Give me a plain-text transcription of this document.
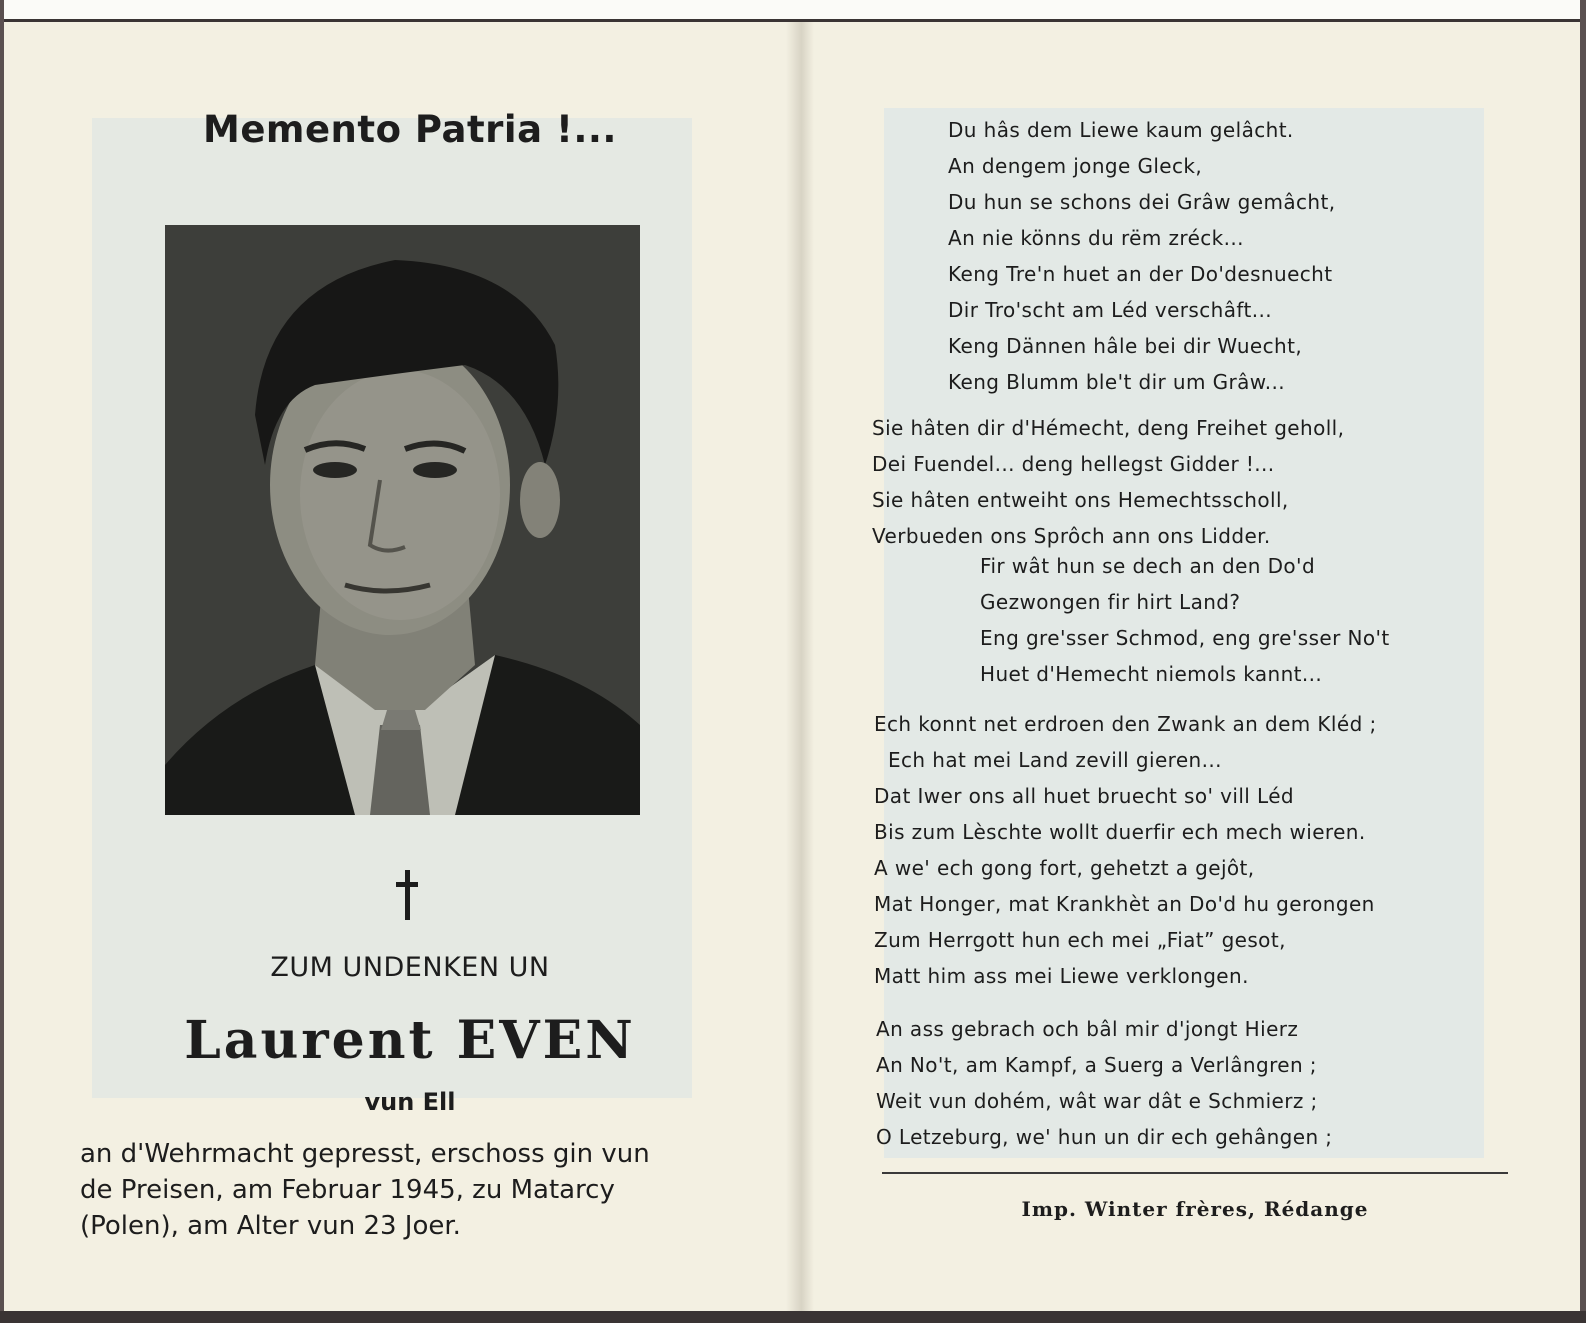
Memento Patria !...
ZUM UNDENKEN UN
Laurent EVEN
vun Ell
an d'Wehrmacht gepresst, erschoss gin vun
de Preisen, am Februar 1945, zu Matarcy
(Polen), am Alter vun 23 Joer.
Du hâs dem Liewe kaum gelâcht.
An dengem jonge Gleck,
Du hun se schons dei Grâw gemâcht,
An nie könns du rëm zréck...
Keng Tre'n huet an der Do'desnuecht
Dir Tro'scht am Léd verschâft...
Keng Dännen hâle bei dir Wuecht,
Keng Blumm ble't dir um Grâw...
Sie hâten dir d'Hémecht, deng Freihet geholl,
Dei Fuendel... deng hellegst Gidder !...
Sie hâten entweiht ons Hemechtsscholl,
Verbueden ons Sprôch ann ons Lidder.
Fir wât hun se dech an den Do'd
Gezwongen fir hirt Land?
Eng gre'sser Schmod, eng gre'sser No't
Huet d'Hemecht niemols kannt...
Ech konnt net erdroen den Zwank an dem Kléd ;
Ech hat mei Land zevill gieren...
Dat Iwer ons all huet bruecht so' vill Léd
Bis zum Lèschte wollt duerfir ech mech wieren.
A we' ech gong fort, gehetzt a gejôt,
Mat Honger, mat Krankhèt an Do'd hu gerongen
Zum Herrgott hun ech mei „Fiat” gesot,
Matt him ass mei Liewe verklongen.
An ass gebrach och bâl mir d'jongt Hierz
An No't, am Kampf, a Suerg a Verlângren ;
Weit vun dohém, wât war dât e Schmierz ;
O Letzeburg, we' hun un dir ech gehângen ;
Imp. Winter frères, Rédange
